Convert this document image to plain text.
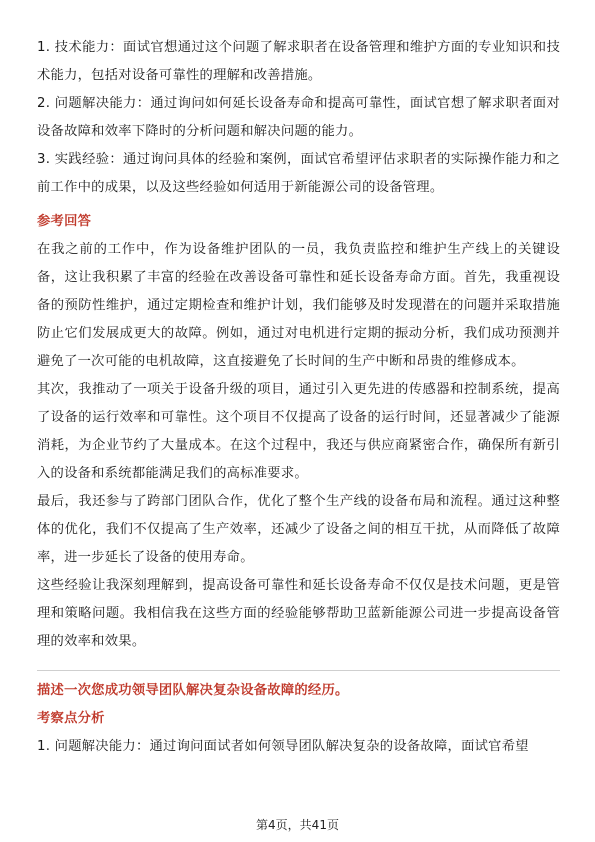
1. 技术能力：面试官想通过这个问题了解求职者在设备管理和维护方面的专业知识和技术能力，包括对设备可靠性的理解和改善措施。

2. 问题解决能力：通过询问如何延长设备寿命和提高可靠性，面试官想了解求职者面对设备故障和效率下降时的分析问题和解决问题的能力。

3. 实践经验：通过询问具体的经验和案例，面试官希望评估求职者的实际操作能力和之前工作中的成果，以及这些经验如何适用于新能源公司的设备管理。

参考回答

在我之前的工作中，作为设备维护团队的一员，我负责监控和维护生产线上的关键设备，这让我积累了丰富的经验在改善设备可靠性和延长设备寿命方面。首先，我重视设备的预防性维护，通过定期检查和维护计划，我们能够及时发现潜在的问题并采取措施防止它们发展成更大的故障。例如，通过对电机进行定期的振动分析，我们成功预测并避免了一次可能的电机故障，这直接避免了长时间的生产中断和昂贵的维修成本。

其次，我推动了一项关于设备升级的项目，通过引入更先进的传感器和控制系统，提高了设备的运行效率和可靠性。这个项目不仅提高了设备的运行时间，还显著减少了能源消耗，为企业节约了大量成本。在这个过程中，我还与供应商紧密合作，确保所有新引入的设备和系统都能满足我们的高标准要求。

最后，我还参与了跨部门团队合作，优化了整个生产线的设备布局和流程。通过这种整体的优化，我们不仅提高了生产效率，还减少了设备之间的相互干扰，从而降低了故障率，进一步延长了设备的使用寿命。

这些经验让我深刻理解到，提高设备可靠性和延长设备寿命不仅仅是技术问题，更是管理和策略问题。我相信我在这些方面的经验能够帮助卫蓝新能源公司进一步提高设备管理的效率和效果。

描述一次您成功领导团队解决复杂设备故障的经历。
考察点分析

1. 问题解决能力：通过询问面试者如何领导团队解决复杂的设备故障，面试官希望

第4页，共41页
